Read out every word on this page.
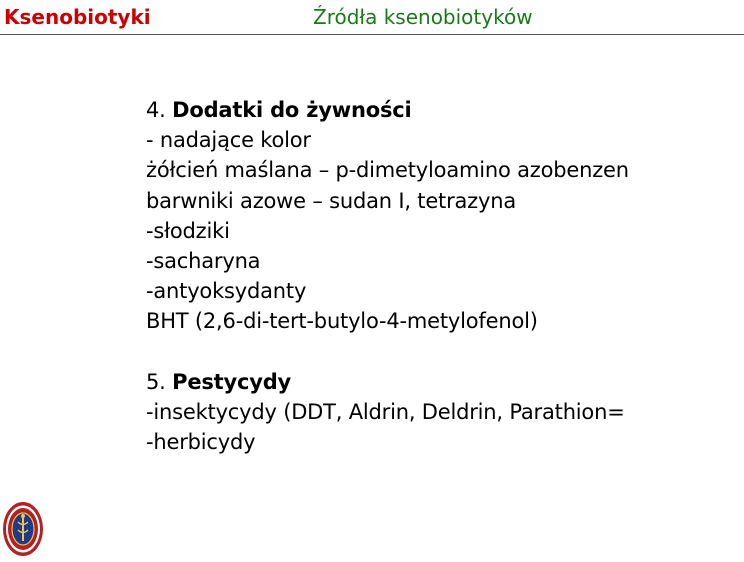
Ksenobiotyki	Źródła ksenobiotyków
4. Dodatki do żywności
- nadające kolor
żółcień maślana – p-dimetyloamino azobenzen
barwniki azowe – sudan I, tetrazyna
-słodziki
-sacharyna
-antyoksydanty
BHT (2,6-di-tert-butylo-4-metylofenol)
5. Pestycydy
-insektycydy (DDT, Aldrin, Deldrin, Parathion=
-herbicydy
